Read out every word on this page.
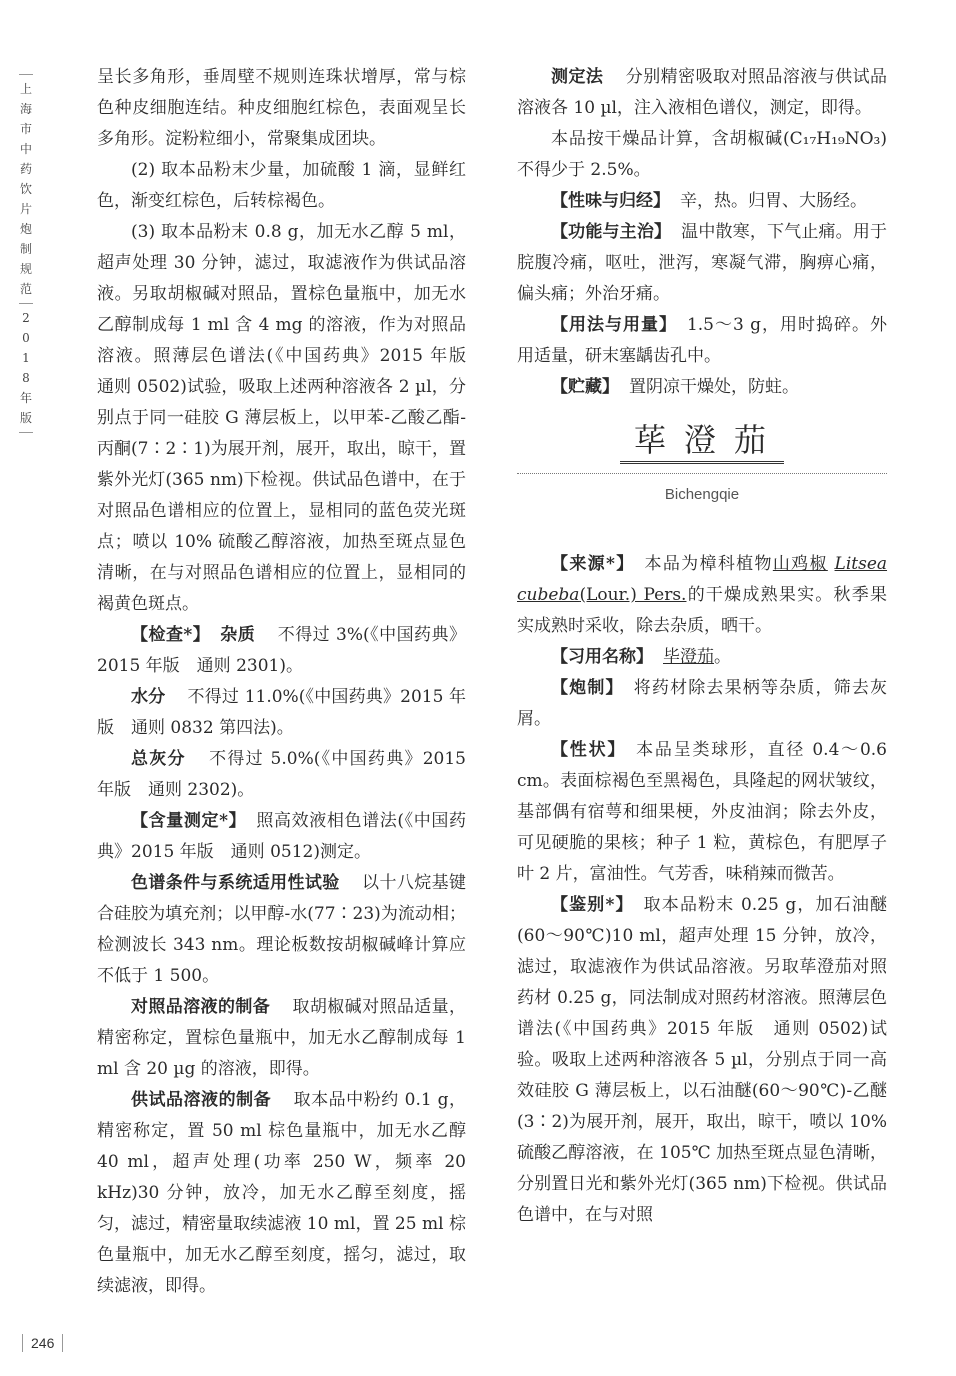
上
海
市
中
药
饮
片
炮
制
规
范
2
0
1
8
年
版

呈长多角形，垂周壁不规则连珠状增厚，常与棕色种皮细胞连结。种皮细胞红棕色，表面观呈长多角形。淀粉粒细小，常聚集成团块。

(2) 取本品粉末少量，加硫酸 1 滴，显鲜红色，渐变红棕色，后转棕褐色。

(3) 取本品粉末 0.8 g，加无水乙醇 5 ml，超声处理 30 分钟，滤过，取滤液作为供试品溶液。另取胡椒碱对照品，置棕色量瓶中，加无水乙醇制成每 1 ml 含 4 mg 的溶液，作为对照品溶液。照薄层色谱法(《中国药典》2015 年版　通则 0502)试验，吸取上述两种溶液各 2 µl，分别点于同一硅胶 G 薄层板上，以甲苯-乙酸乙酯-丙酮(7∶2∶1)为展开剂，展开，取出，晾干，置紫外光灯(365 nm)下检视。供试品色谱中，在于对照品色谱相应的位置上，显相同的蓝色荧光斑点；喷以 10% 硫酸乙醇溶液，加热至斑点显色清晰，在与对照品色谱相应的位置上，显相同的褐黄色斑点。

【检查*】 杂质 不得过 3%(《中国药典》2015 年版　通则 2301)。

水分 不得过 11.0%(《中国药典》2015 年版　通则 0832 第四法)。

总灰分 不得过 5.0%(《中国药典》2015 年版　通则 2302)。

【含量测定*】 照高效液相色谱法(《中国药典》2015 年版　通则 0512)测定。

色谱条件与系统适用性试验 以十八烷基键合硅胶为填充剂；以甲醇-水(77∶23)为流动相；检测波长 343 nm。理论板数按胡椒碱峰计算应不低于 1 500。

对照品溶液的制备 取胡椒碱对照品适量，精密称定，置棕色量瓶中，加无水乙醇制成每 1 ml 含 20 µg 的溶液，即得。

供试品溶液的制备 取本品中粉约 0.1 g，精密称定，置 50 ml 棕色量瓶中，加无水乙醇 40 ml，超声处理(功率 250 W，频率 20 kHz)30 分钟，放冷，加无水乙醇至刻度，摇匀，滤过，精密量取续滤液 10 ml，置 25 ml 棕色量瓶中，加无水乙醇至刻度，摇匀，滤过，取续滤液，即得。

测定法 分别精密吸取对照品溶液与供试品溶液各 10 µl，注入液相色谱仪，测定，即得。

本品按干燥品计算，含胡椒碱(C₁₇H₁₉NO₃)不得少于 2.5%。

【性味与归经】 辛，热。归胃、大肠经。

【功能与主治】 温中散寒，下气止痛。用于脘腹冷痛，呕吐，泄泻，寒凝气滞，胸痹心痛，偏头痛；外治牙痛。

【用法与用量】 1.5～3 g，用时捣碎。外用适量，研末塞龋齿孔中。

【贮藏】 置阴凉干燥处，防蛀。

荜澄茄
Bichengqie

【来源*】 本品为樟科植物山鸡椒 Litsea cubeba(Lour.) Pers.的干燥成熟果实。秋季果实成熟时采收，除去杂质，晒干。

【习用名称】 毕澄茄。

【炮制】 将药材除去果柄等杂质，筛去灰屑。

【性状】 本品呈类球形，直径 0.4～0.6 cm。表面棕褐色至黑褐色，具隆起的网状皱纹，基部偶有宿萼和细果梗，外皮油润；除去外皮，可见硬脆的果核；种子 1 粒，黄棕色，有肥厚子叶 2 片，富油性。气芳香，味稍辣而微苦。

【鉴别*】 取本品粉末 0.25 g，加石油醚(60～90℃)10 ml，超声处理 15 分钟，放冷，滤过，取滤液作为供试品溶液。另取荜澄茄对照药材 0.25 g，同法制成对照药材溶液。照薄层色谱法(《中国药典》2015 年版　通则 0502)试验。吸取上述两种溶液各 5 µl，分别点于同一高效硅胶 G 薄层板上，以石油醚(60～90℃)-乙醚(3∶2)为展开剂，展开，取出，晾干，喷以 10% 硫酸乙醇溶液，在 105℃ 加热至斑点显色清晰，分别置日光和紫外光灯(365 nm)下检视。供试品色谱中，在与对照

246
